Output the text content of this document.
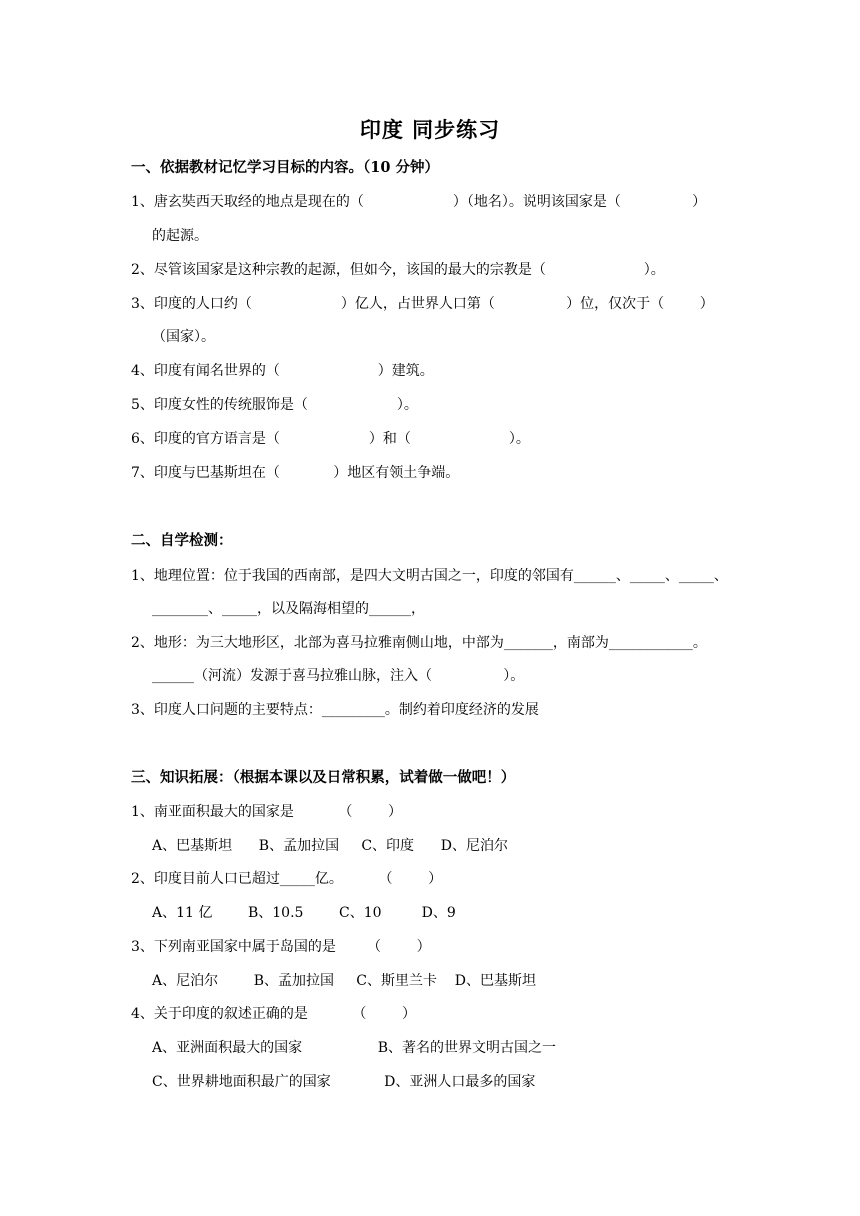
印度 同步练习
一、依据教材记忆学习目标的内容。（10 分钟）
1、唐玄奘西天取经的地点是现在的（                    ）（地名）。说明该国家是（                ）
的起源。
2、尽管该国家是这种宗教的起源，但如今，该国的最大的宗教是（                      ）。
3、印度的人口约（                    ）亿人，占世界人口第（                ）位，仅次于（        ）
（国家）。
4、印度有闻名世界的（                      ）建筑。
5、印度女性的传统服饰是（                    ）。
6、印度的官方语言是（                    ）和（                      ）。
7、印度与巴基斯坦在（            ）地区有领土争端。
二、自学检测：
1、地理位置：位于我国的西南部，是四大文明古国之一，印度的邻国有______、_____、_____、
________、_____，以及隔海相望的______，
2、地形：为三大地形区，北部为喜马拉雅南侧山地，中部为_______，南部为____________。
______（河流）发源于喜马拉雅山脉，注入（                ）。
3、印度人口问题的主要特点：_________。制约着印度经济的发展
三、知识拓展：（根据本课以及日常积累，试着做一做吧！）
1、南亚面积最大的国家是          （        ）
A、巴基斯坦      B、孟加拉国     C、印度      D、尼泊尔
2、印度目前人口已超过_____亿。        （        ）
A、11 亿        B、10.5        C、10         D、9
3、下列南亚国家中属于岛国的是       （        ）
A、尼泊尔        B、孟加拉国     C、斯里兰卡    D、巴基斯坦
4、关于印度的叙述正确的是          （        ）
A、亚洲面积最大的国家                 B、著名的世界文明古国之一
C、世界耕地面积最广的国家            D、亚洲人口最多的国家
